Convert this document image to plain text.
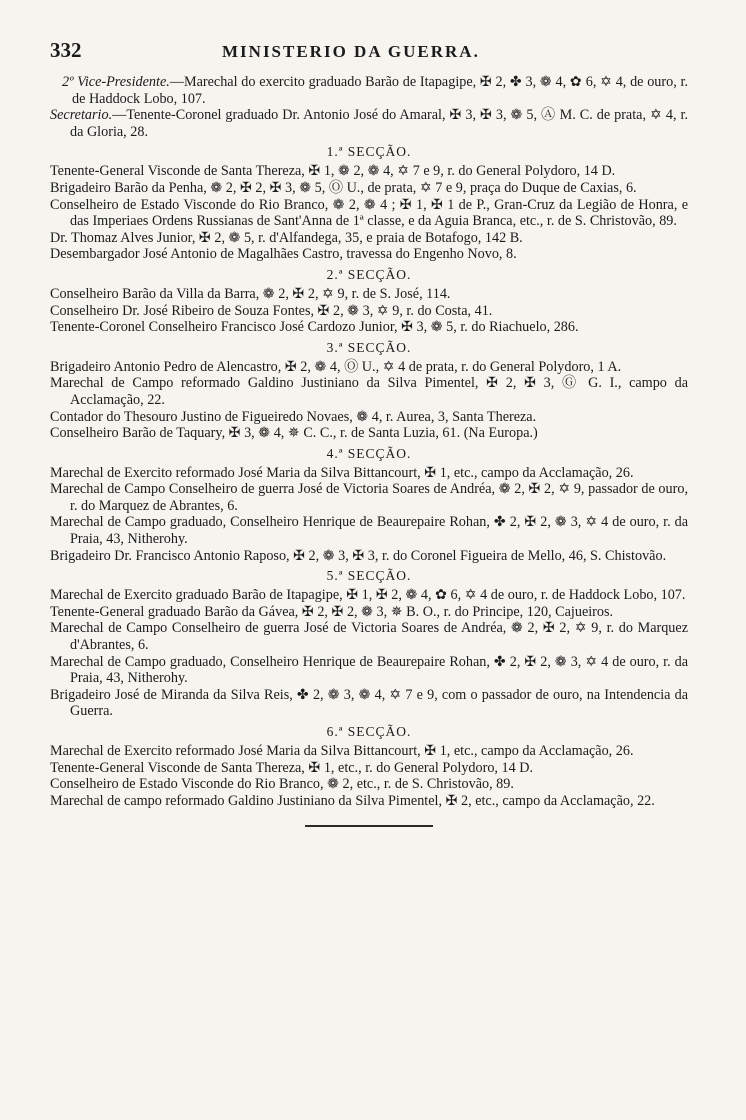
332	MINISTERIO DA GUERRA.

2º Vice-Presidente.—Marechal do exercito graduado Barão de Itapagipe, ✠ 2, ✤ 3, ❁ 4, ✿ 6, ✡ 4, de ouro, r. de Haddock Lobo, 107.

Secretario.—Tenente-Coronel graduado Dr. Antonio José do Amaral, ✠ 3, ✠ 3, ❁ 5, Ⓐ M. C. de prata, ✡ 4, r. da Gloria, 28.

1.ª SECÇÃO.

Tenente-General Visconde de Santa Thereza, ✠ 1, ❁ 2, ❁ 4, ✡ 7 e 9, r. do General Polydoro, 14 D.

Brigadeiro Barão da Penha, ❁ 2, ✠ 2, ✠ 3, ❁ 5, Ⓞ U., de prata, ✡ 7 e 9, praça do Duque de Caxias, 6.

Conselheiro de Estado Visconde do Rio Branco, ❁ 2, ❁ 4 ; ✠ 1, ✠ 1 de P., Gran-Cruz da Legião de Honra, e das Imperiaes Ordens Russianas de Sant'Anna de 1ª classe, e da Aguia Branca, etc., r. de S. Christovão, 89.

Dr. Thomaz Alves Junior, ✠ 2, ❁ 5, r. d'Alfandega, 35, e praia de Botafogo, 142 B.

Desembargador José Antonio de Magalhães Castro, travessa do Engenho Novo, 8.

2.ª SECÇÃO.

Conselheiro Barão da Villa da Barra, ❁ 2, ✠ 2, ✡ 9, r. de S. José, 114.

Conselheiro Dr. José Ribeiro de Souza Fontes, ✠ 2, ❁ 3, ✡ 9, r. do Costa, 41.

Tenente-Coronel Conselheiro Francisco José Cardozo Junior, ✠ 3, ❁ 5, r. do Riachuelo, 286.

3.ª SECÇÃO.

Brigadeiro Antonio Pedro de Alencastro, ✠ 2, ❁ 4, Ⓞ U., ✡ 4 de prata, r. do General Polydoro, 1 A.

Marechal de Campo reformado Galdino Justiniano da Silva Pimentel, ✠ 2, ✠ 3, Ⓖ G. I., campo da Acclamação, 22.

Contador do Thesouro Justino de Figueiredo Novaes, ❁ 4, r. Aurea, 3, Santa Thereza.

Conselheiro Barão de Taquary, ✠ 3, ❁ 4, ✵ C. C., r. de Santa Luzia, 61. (Na Europa.)

4.ª SECÇÃO.

Marechal de Exercito reformado José Maria da Silva Bittancourt, ✠ 1, etc., campo da Acclamação, 26.

Marechal de Campo Conselheiro de guerra José de Victoria Soares de Andréa, ❁ 2, ✠ 2, ✡ 9, passador de ouro, r. do Marquez de Abrantes, 6.

Marechal de Campo graduado, Conselheiro Henrique de Beaurepaire Rohan, ✤ 2, ✠ 2, ❁ 3, ✡ 4 de ouro, r. da Praia, 43, Nitherohy.

Brigadeiro Dr. Francisco Antonio Raposo, ✠ 2, ❁ 3, ✠ 3, r. do Coronel Figueira de Mello, 46, S. Chistovão.

5.ª SECÇÃO.

Marechal de Exercito graduado Barão de Itapagipe, ✠ 1, ✠ 2, ❁ 4, ✿ 6, ✡ 4 de ouro, r. de Haddock Lobo, 107.

Tenente-General graduado Barão da Gávea, ✠ 2, ✠ 2, ❁ 3, ✵ B. O., r. do Principe, 120, Cajueiros.

Marechal de Campo Conselheiro de guerra José de Victoria Soares de Andréa, ❁ 2, ✠ 2, ✡ 9, r. do Marquez d'Abrantes, 6.

Marechal de Campo graduado, Conselheiro Henrique de Beaurepaire Rohan, ✤ 2, ✠ 2, ❁ 3, ✡ 4 de ouro, r. da Praia, 43, Nitherohy.

Brigadeiro José de Miranda da Silva Reis, ✤ 2, ❁ 3, ❁ 4, ✡ 7 e 9, com o passador de ouro, na Intendencia da Guerra.

6.ª SECÇÃO.

Marechal de Exercito reformado José Maria da Silva Bittancourt, ✠ 1, etc., campo da Acclamação, 26.

Tenente-General Visconde de Santa Thereza, ✠ 1, etc., r. do General Polydoro, 14 D.

Conselheiro de Estado Visconde do Rio Branco, ❁ 2, etc., r. de S. Christovão, 89.

Marechal de campo reformado Galdino Justiniano da Silva Pimentel, ✠ 2, etc., campo da Acclamação, 22.
